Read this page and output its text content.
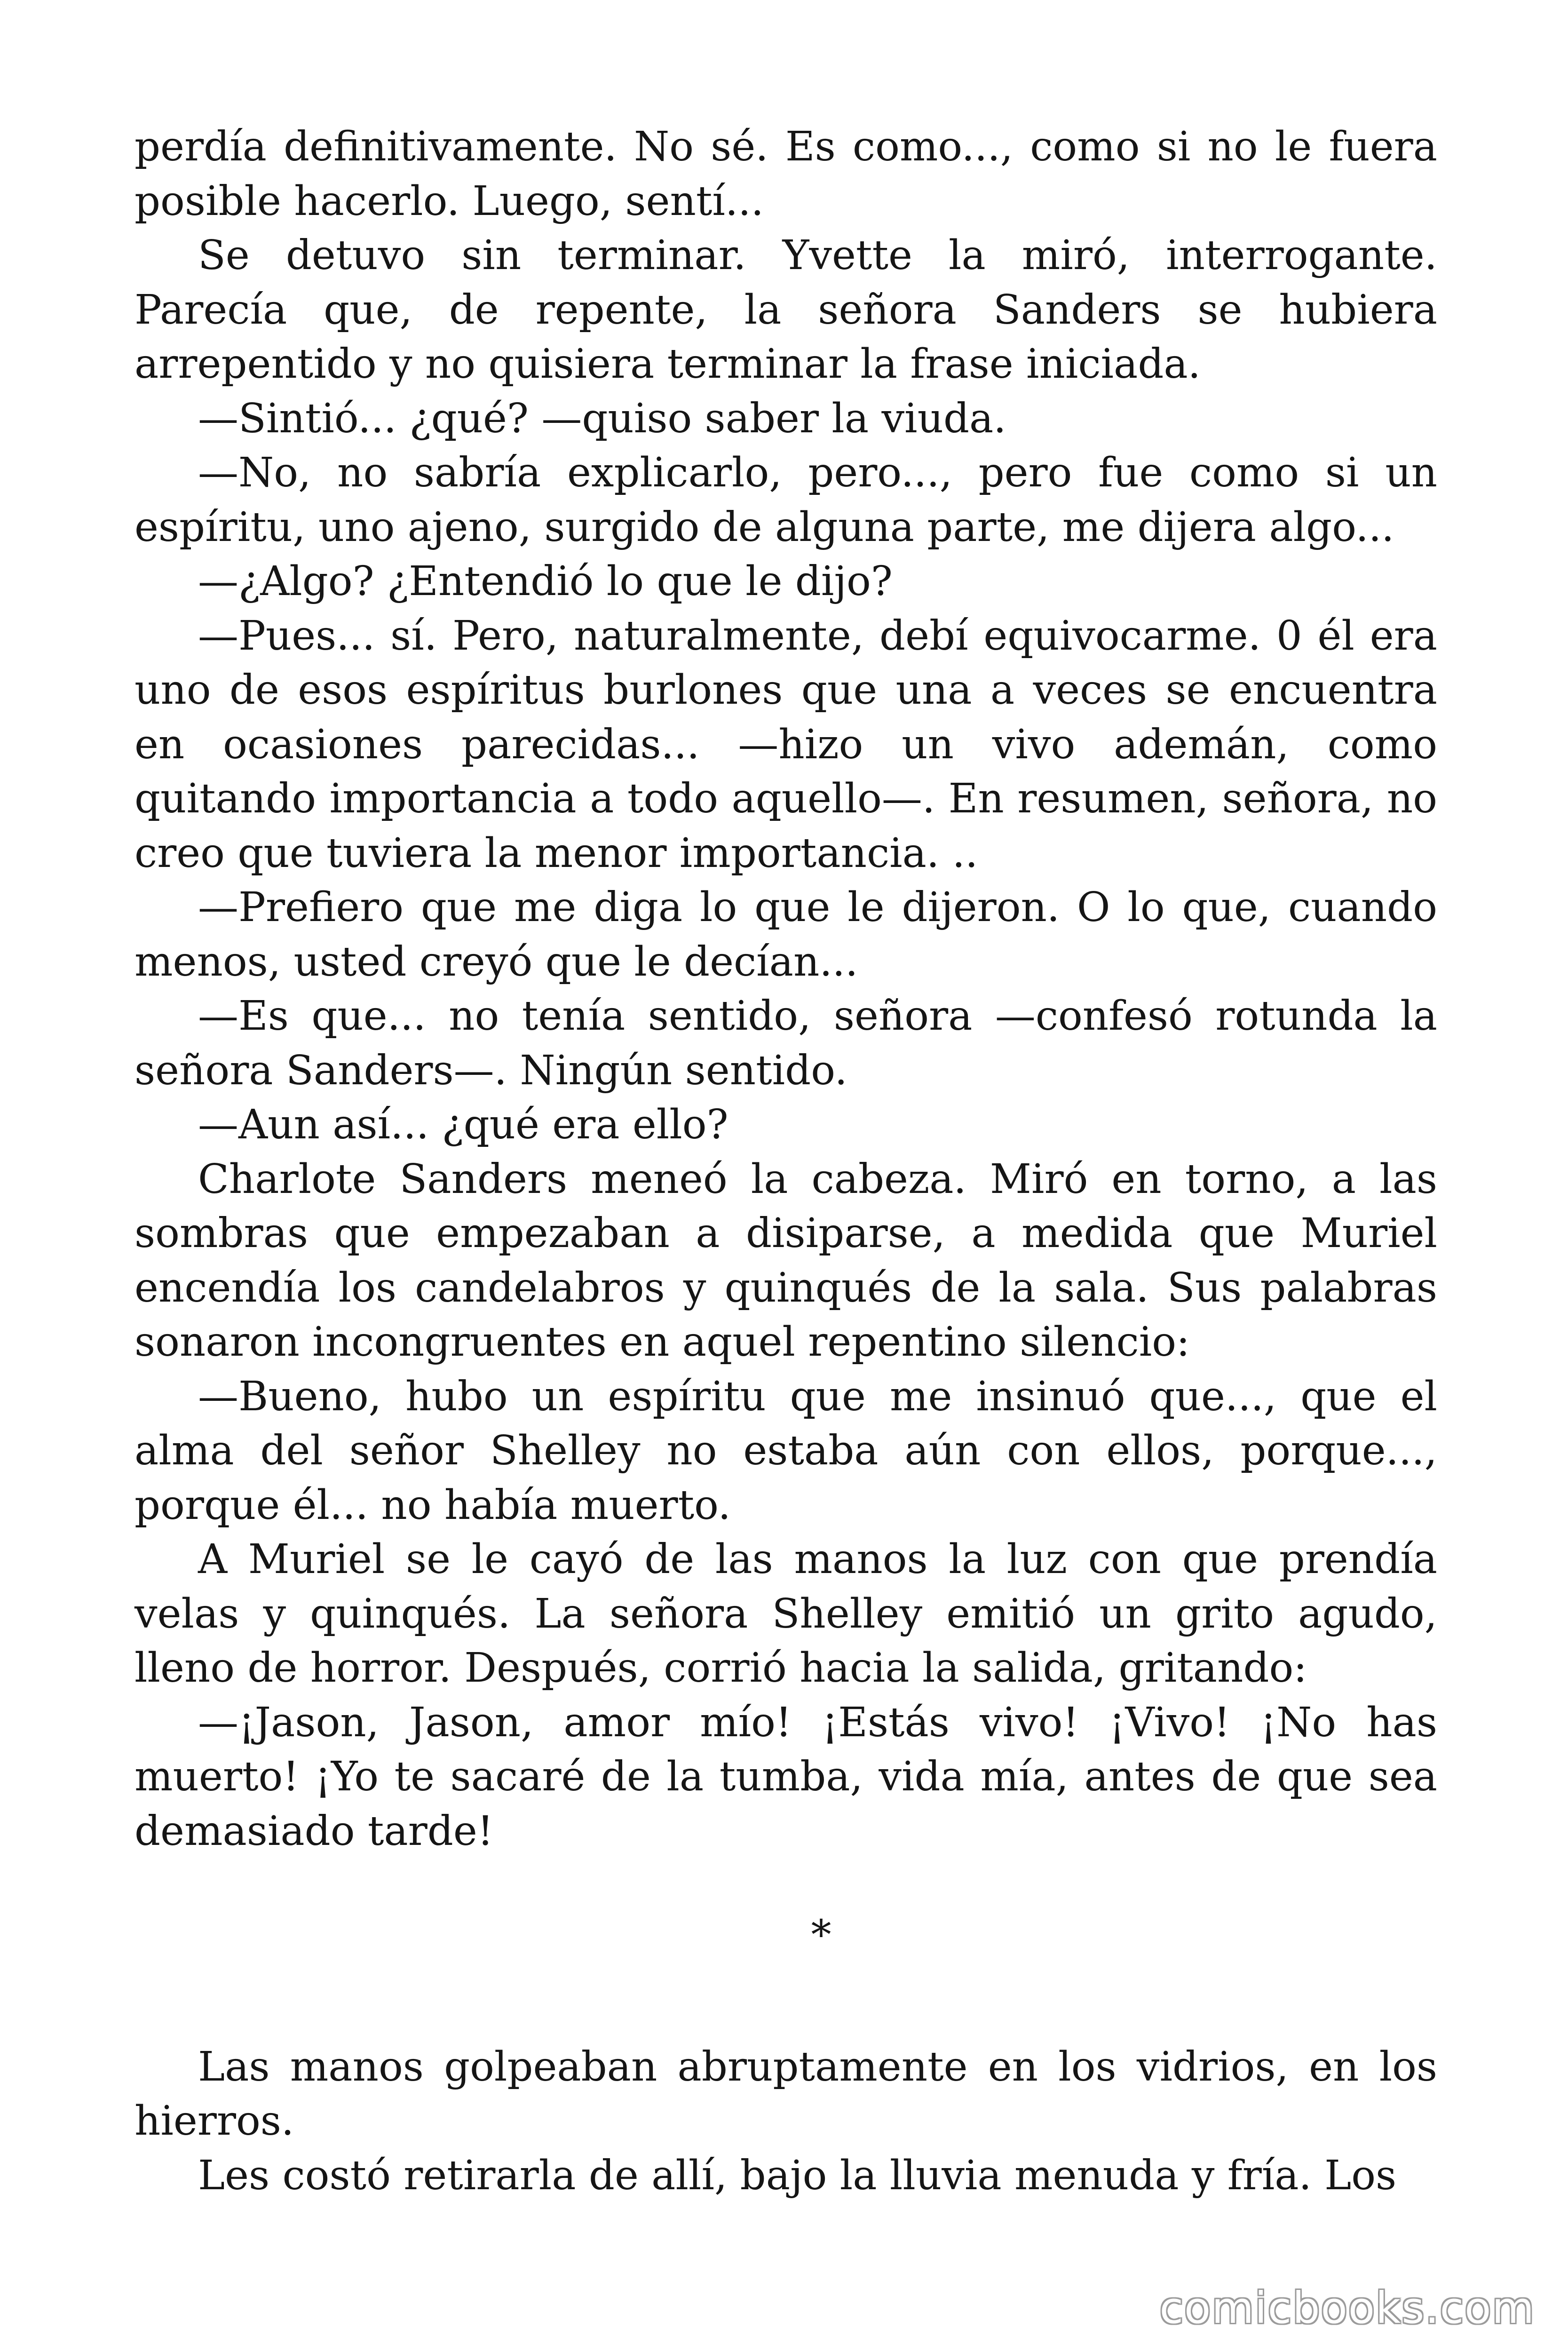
perdía definitivamente. No sé. Es como..., como si no le fuera posible hacerlo. Luego, sentí...

Se detuvo sin terminar. Yvette la miró, interrogante. Parecía que, de repente, la señora Sanders se hubiera arrepentido y no quisiera terminar la frase iniciada.

—Sintió... ¿qué? —quiso saber la viuda.

—No, no sabría explicarlo, pero..., pero fue como si un espíritu, uno ajeno, surgido de alguna parte, me dijera algo...

—¿Algo? ¿Entendió lo que le dijo?

—Pues... sí. Pero, naturalmente, debí equivocarme. 0 él era uno de esos espíritus burlones que una a veces se encuentra en ocasiones parecidas... —hizo un vivo ademán, como quitando importancia a todo aquello—. En resumen, señora, no creo que tuviera la menor importancia. ..

—Prefiero que me diga lo que le dijeron. O lo que, cuando menos, usted creyó que le decían...

—Es que... no tenía sentido, señora —confesó rotunda la señora Sanders—. Ningún sentido.

—Aun así... ¿qué era ello?

Charlote Sanders meneó la cabeza. Miró en torno, a las sombras que empezaban a disiparse, a medida que Muriel encendía los candelabros y quinqués de la sala. Sus palabras sonaron incongruentes en aquel repentino silencio:

—Bueno, hubo un espíritu que me insinuó que..., que el alma del señor Shelley no estaba aún con ellos, porque..., porque él... no había muerto.

A Muriel se le cayó de las manos la luz con que prendía velas y quinqués. La señora Shelley emitió un grito agudo, lleno de horror. Después, corrió hacia la salida, gritando:

—¡Jason, Jason, amor mío! ¡Estás vivo! ¡Vivo! ¡No has muerto! ¡Yo te sacaré de la tumba, vida mía, antes de que sea demasiado tarde!

*

Las manos golpeaban abruptamente en los vidrios, en los hierros.

Les costó retirarla de allí, bajo la lluvia menuda y fría. Los

comicbooks.com
